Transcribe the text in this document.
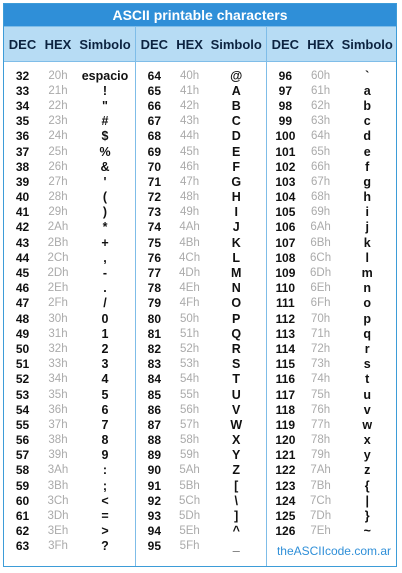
ASCII printable characters
DEC HEX Simbolo DEC HEX Simbolo DEC HEX Simbolo
32	20h	espacio
33	21h	!
34	22h	"
35	23h	#
36	24h	$
37	25h	%
38	26h	&
39	27h	'
40	28h	(
41	29h	)
42	2Ah	*
43	2Bh	+
44	2Ch	,
45	2Dh	-
46	2Eh	.
47	2Fh	/
48	30h	0
49	31h	1
50	32h	2
51	33h	3
52	34h	4
53	35h	5
54	36h	6
55	37h	7
56	38h	8
57	39h	9
58	3Ah	:
59	3Bh	;
60	3Ch	<
61	3Dh	=
62	3Eh	>
63	3Fh	?
64	40h	@
65	41h	A
66	42h	B
67	43h	C
68	44h	D
69	45h	E
70	46h	F
71	47h	G
72	48h	H
73	49h	I
74	4Ah	J
75	4Bh	K
76	4Ch	L
77	4Dh	M
78	4Eh	N
79	4Fh	O
80	50h	P
81	51h	Q
82	52h	R
83	53h	S
84	54h	T
85	55h	U
86	56h	V
87	57h	W
88	58h	X
89	59h	Y
90	5Ah	Z
91	5Bh	[
92	5Ch	\
93	5Dh	]
94	5Eh	^
95	5Fh	_
96	60h	`
97	61h	a
98	62h	b
99	63h	c
100	64h	d
101	65h	e
102	66h	f
103	67h	g
104	68h	h
105	69h	i
106	6Ah	j
107	6Bh	k
108	6Ch	l
109	6Dh	m
110	6Eh	n
111	6Fh	o
112	70h	p
113	71h	q
114	72h	r
115	73h	s
116	74h	t
117	75h	u
118	76h	v
119	77h	w
120	78h	x
121	79h	y
122	7Ah	z
123	7Bh	{
124	7Ch	|
125	7Dh	}
126	7Eh	~
theASCIIcode.com.ar
